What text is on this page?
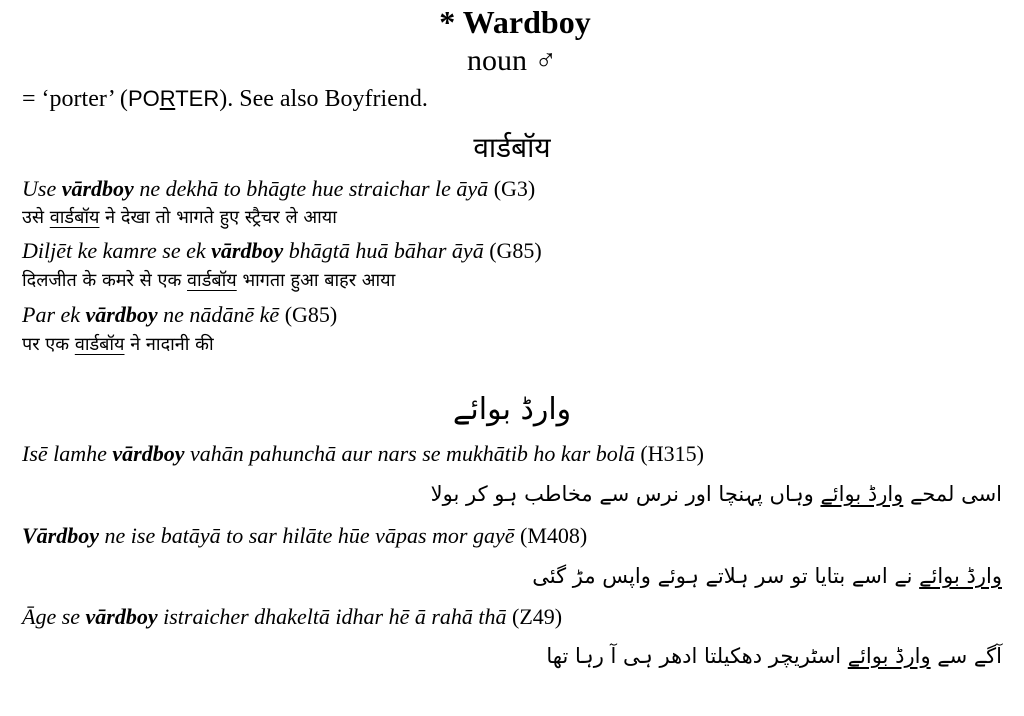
* Wardboy
noun ♂
= ‘porter’ (PORTER). See also Boyfriend.
वार्डबॉय
Use vārdboy ne dekhā to bhāgte hue straichar le āyā (G3)
उसे वार्डबॉय ने देखा तो भागते हुए स्ट्रैचर ले आया
Diljēt ke kamre se ek vārdboy bhāgtā huā bāhar āyā (G85)
दिलजीत के कमरे से एक वार्डबॉय भागता हुआ बाहर आया
Par ek vārdboy ne nādānē kē (G85)
पर एक वार्डबॉय ने नादानी की
وارڈ بوائے
Isē lamhe vārdboy vahān pahunchā aur nars se mukhātib ho kar bolā (H315)
اسی لمحے وارڈ بوائے وہاں پہنچا اور نرس سے مخاطب ہو کر بولا
Vārdboy ne ise batāyā to sar hilāte hūe vāpas mor gayē (M408)
وارڈ بوائے نے اسے بتایا تو سر ہلاتے ہوئے واپس مڑ گئی
Āge se vārdboy istraicher dhakeltā idhar hē ā rahā thā (Z49)
آگے سے وارڈ بوائے اسٹریچر دھکیلتا ادھر ہی آ رہا تھا
